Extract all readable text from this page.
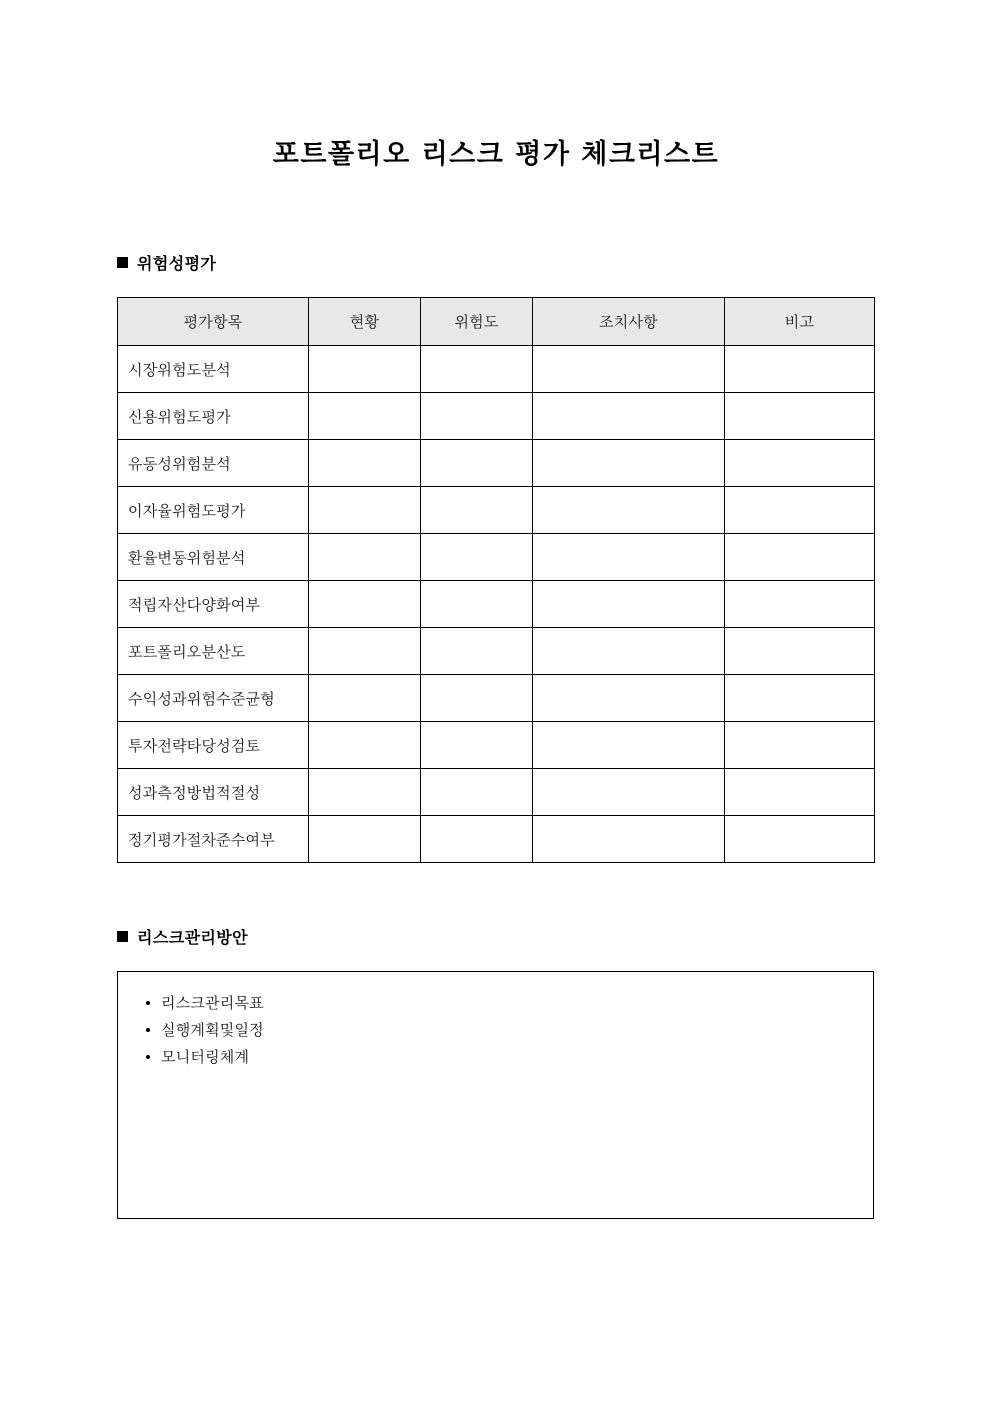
포트폴리오 리스크 평가 체크리스트
위험성평가
평가항목	현황	위험도	조치사항	비고
시장위험도분석				
신용위험도평가				
유동성위험분석				
이자율위험도평가				
환율변동위험분석				
적립자산다양화여부				
포트폴리오분산도				
수익성과위험수준균형				
투자전략타당성검토				
성과측정방법적절성				
정기평가절차준수여부				
리스크관리방안
리스크관리목표
실행계획및일정
모니터링체계
